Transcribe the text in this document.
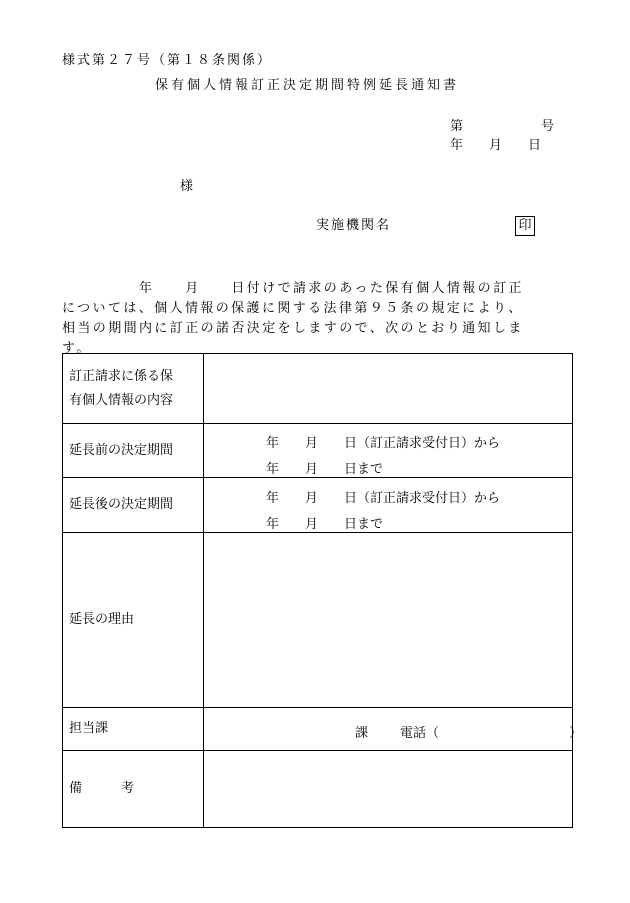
様式第２７号（第１８条関係）
保有個人情報訂正決定期間特例延長通知書
第　　　　　　号
年　　月　　日
様
実施機関名	印
　　　　　年　　月　　日付けで請求のあった保有個人情報の訂正
については、個人情報の保護に関する法律第９５条の規定により、
相当の期間内に訂正の諾否決定をしますので、次のとおり通知しま
す。
訂正請求に係る保
有個人情報の内容	

延長前の決定期間	年　　月　　日（訂正請求受付日）から
年　　月　　日まで

延長後の決定期間	年　　月　　日（訂正請求受付日）から
年　　月　　日まで

延長の理由	
担当課	課 電話（　　　　　　　　　　）

備　　　考	
